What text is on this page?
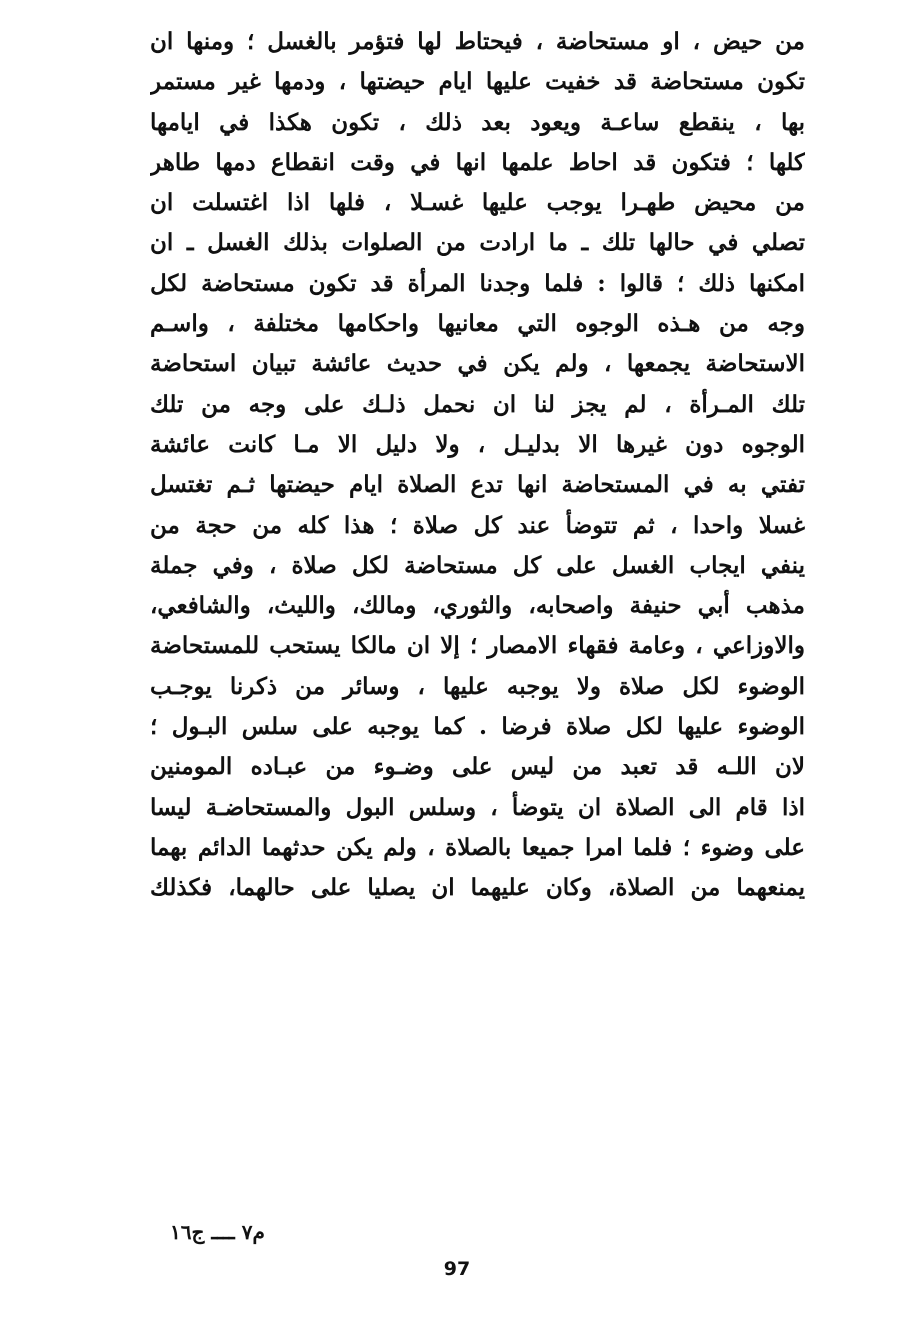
من حيض ، او مستحاضة ، فيحتاط لها فتؤمر بالغسل ؛ ومنها ان
تكون مستحاضة قد خفيت عليها ايام حيضتها ، ودمها غير مستمر
بها ، ينقطع ساعـة ويعود بعد ذلك ، تكون هكذا في ايامها
كلها ؛ فتكون قد احاط علمها انها في وقت انقطاع دمها طاهر
من محيض طهـرا يوجب عليها غسـلا ، فلها اذا اغتسلت ان
تصلي في حالها تلك ـ ما ارادت من الصلوات بذلك الغسل ـ ان
امكنها ذلك ؛ قالوا : فلما وجدنا المرأة قد تكون مستحاضة لكل
وجه من هـذه الوجوه التي معانيها واحكامها مختلفة ، واسـم
الاستحاضة يجمعها ، ولم يكن في حديث عائشة تبيان استحاضة
تلك المـرأة ، لم يجز لنا ان نحمل ذلـك على وجه من تلك
الوجوه دون غيرها الا بدليـل ، ولا دليل الا مـا كانت عائشة
تفتي به في المستحاضة انها تدع الصلاة ايام حيضتها ثـم تغتسل
غسلا واحدا ، ثم تتوضأ عند كل صلاة ؛ هذا كله من حجة من
ينفي ايجاب الغسل على كل مستحاضة لكل صلاة ، وفي جملة
مذهب أبي حنيفة واصحابه، والثوري، ومالك، والليث، والشافعي،
والاوزاعي ، وعامة فقهاء الامصار ؛ إلا ان مالكا يستحب للمستحاضة
الوضوء لكل صلاة ولا يوجبه عليها ، وسائر من ذكرنا يوجـب
الوضوء عليها لكل صلاة فرضا . كما يوجبه على سلس البـول ؛
لان اللـه قد تعبد من ليس على وضـوء من عبـاده المومنين
اذا قام الى الصلاة ان يتوضأ ، وسلس البول والمستحاضـة ليسا
على وضوء ؛ فلما امرا جميعا بالصلاة ، ولم يكن حدثهما الدائم بهما
يمنعهما من الصلاة، وكان عليهما ان يصليا على حالهما، فكذلك
م٧ ــــ ج١٦
97
